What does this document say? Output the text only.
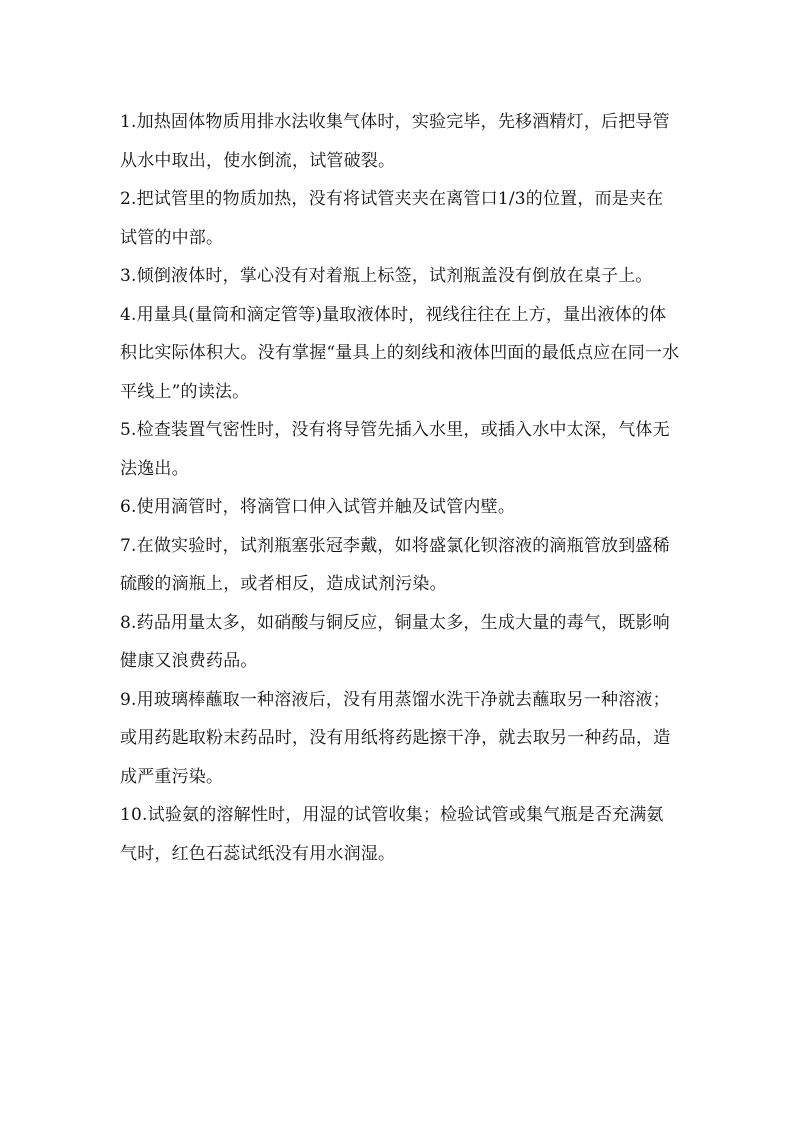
1.加热固体物质用排水法收集气体时，实验完毕，先移酒精灯，后把导管从水中取出，使水倒流，试管破裂。

2.把试管里的物质加热，没有将试管夹夹在离管口1/3的位置，而是夹在试管的中部。

3.倾倒液体时，掌心没有对着瓶上标签，试剂瓶盖没有倒放在桌子上。

4.用量具(量筒和滴定管等)量取液体时，视线往往在上方，量出液体的体积比实际体积大。没有掌握“量具上的刻线和液体凹面的最低点应在同一水平线上”的读法。

5.检查装置气密性时，没有将导管先插入水里，或插入水中太深，气体无法逸出。

6.使用滴管时，将滴管口伸入试管并触及试管内壁。

7.在做实验时，试剂瓶塞张冠李戴，如将盛氯化钡溶液的滴瓶管放到盛稀硫酸的滴瓶上，或者相反，造成试剂污染。

8.药品用量太多，如硝酸与铜反应，铜量太多，生成大量的毒气，既影响健康又浪费药品。

9.用玻璃棒蘸取一种溶液后，没有用蒸馏水洗干净就去蘸取另一种溶液；或用药匙取粉末药品时，没有用纸将药匙擦干净，就去取另一种药品，造成严重污染。

10.试验氨的溶解性时，用湿的试管收集；检验试管或集气瓶是否充满氨气时，红色石蕊试纸没有用水润湿。
